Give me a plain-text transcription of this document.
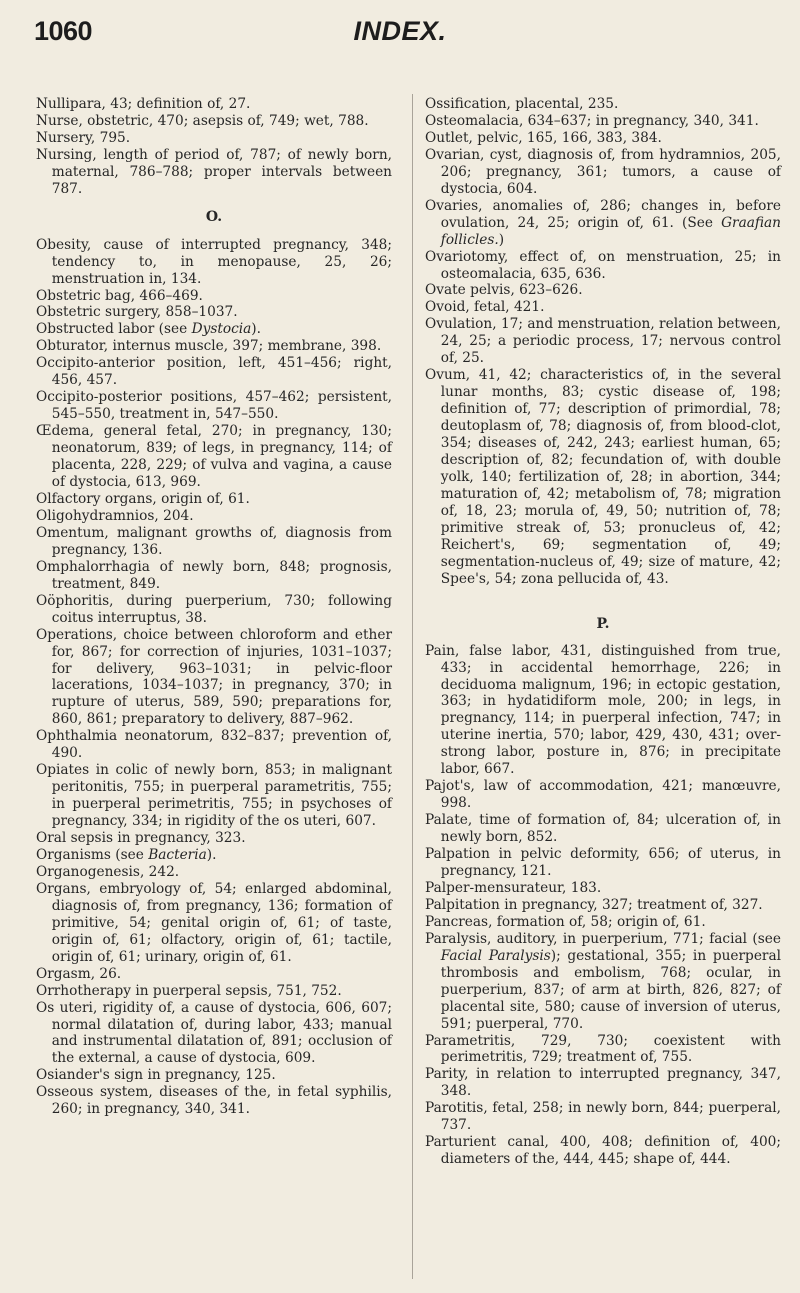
1060	INDEX.

Nullipara, 43; definition of, 27.

Nurse, obstetric, 470; asepsis of, 749; wet, 788.

Nursery, 795.

Nursing, length of period of, 787; of newly born, maternal, 786–788; proper intervals between 787.

O.

Obesity, cause of interrupted pregnancy, 348; tendency to, in menopause, 25, 26; menstruation in, 134.

Obstetric bag, 466–469.

Obstetric surgery, 858–1037.

Obstructed labor (see Dystocia).

Obturator, internus muscle, 397; membrane, 398.

Occipito-anterior position, left, 451–456; right, 456, 457.

Occipito-posterior positions, 457–462; persistent, 545–550, treatment in, 547–550.

Œdema, general fetal, 270; in pregnancy, 130; neonatorum, 839; of legs, in pregnancy, 114; of placenta, 228, 229; of vulva and vagina, a cause of dystocia, 613, 969.

Olfactory organs, origin of, 61.

Oligohydramnios, 204.

Omentum, malignant growths of, diagnosis from pregnancy, 136.

Omphalorrhagia of newly born, 848; prognosis, treatment, 849.

Oöphoritis, during puerperium, 730; following coitus interruptus, 38.

Operations, choice between chloroform and ether for, 867; for correction of injuries, 1031–1037; for delivery, 963–1031; in pelvic-floor lacerations, 1034–1037; in pregnancy, 370; in rupture of uterus, 589, 590; preparations for, 860, 861; preparatory to delivery, 887–962.

Ophthalmia neonatorum, 832–837; prevention of, 490.

Opiates in colic of newly born, 853; in malignant peritonitis, 755; in puerperal parametritis, 755; in puerperal perimetritis, 755; in psychoses of pregnancy, 334; in rigidity of the os uteri, 607.

Oral sepsis in pregnancy, 323.

Organisms (see Bacteria).

Organogenesis, 242.

Organs, embryology of, 54; enlarged abdominal, diagnosis of, from pregnancy, 136; formation of primitive, 54; genital origin of, 61; of taste, origin of, 61; olfactory, origin of, 61; tactile, origin of, 61; urinary, origin of, 61.

Orgasm, 26.

Orrhotherapy in puerperal sepsis, 751, 752.

Os uteri, rigidity of, a cause of dystocia, 606, 607; normal dilatation of, during labor, 433; manual and instrumental dilatation of, 891; occlusion of the external, a cause of dystocia, 609.

Osiander's sign in pregnancy, 125.

Osseous system, diseases of the, in fetal syphilis, 260; in pregnancy, 340, 341.

Ossification, placental, 235.

Osteomalacia, 634–637; in pregnancy, 340, 341.

Outlet, pelvic, 165, 166, 383, 384.

Ovarian, cyst, diagnosis of, from hydramnios, 205, 206; pregnancy, 361; tumors, a cause of dystocia, 604.

Ovaries, anomalies of, 286; changes in, before ovulation, 24, 25; origin of, 61. (See Graafian follicles.)

Ovariotomy, effect of, on menstruation, 25; in osteomalacia, 635, 636.

Ovate pelvis, 623–626.

Ovoid, fetal, 421.

Ovulation, 17; and menstruation, relation between, 24, 25; a periodic process, 17; nervous control of, 25.

Ovum, 41, 42; characteristics of, in the several lunar months, 83; cystic disease of, 198; definition of, 77; description of primordial, 78; deutoplasm of, 78; diagnosis of, from blood-clot, 354; diseases of, 242, 243; earliest human, 65; description of, 82; fecundation of, with double yolk, 140; fertilization of, 28; in abortion, 344; maturation of, 42; metabolism of, 78; migration of, 18, 23; morula of, 49, 50; nutrition of, 78; primitive streak of, 53; pronucleus of, 42; Reichert's, 69; segmentation of, 49; segmentation-nucleus of, 49; size of mature, 42; Spee's, 54; zona pellucida of, 43.

P.

Pain, false labor, 431, distinguished from true, 433; in accidental hemorrhage, 226; in deciduoma malignum, 196; in ectopic gestation, 363; in hydatidiform mole, 200; in legs, in pregnancy, 114; in puerperal infection, 747; in uterine inertia, 570; labor, 429, 430, 431; over-strong labor, posture in, 876; in precipitate labor, 667.

Pajot's, law of accommodation, 421; manœuvre, 998.

Palate, time of formation of, 84; ulceration of, in newly born, 852.

Palpation in pelvic deformity, 656; of uterus, in pregnancy, 121.

Palper-mensurateur, 183.

Palpitation in pregnancy, 327; treatment of, 327.

Pancreas, formation of, 58; origin of, 61.

Paralysis, auditory, in puerperium, 771; facial (see Facial Paralysis); gestational, 355; in puerperal thrombosis and embolism, 768; ocular, in puerperium, 837; of arm at birth, 826, 827; of placental site, 580; cause of inversion of uterus, 591; puerperal, 770.

Parametritis, 729, 730; coexistent with perimetritis, 729; treatment of, 755.

Parity, in relation to interrupted pregnancy, 347, 348.

Parotitis, fetal, 258; in newly born, 844; puerperal, 737.

Parturient canal, 400, 408; definition of, 400; diameters of the, 444, 445; shape of, 444.
